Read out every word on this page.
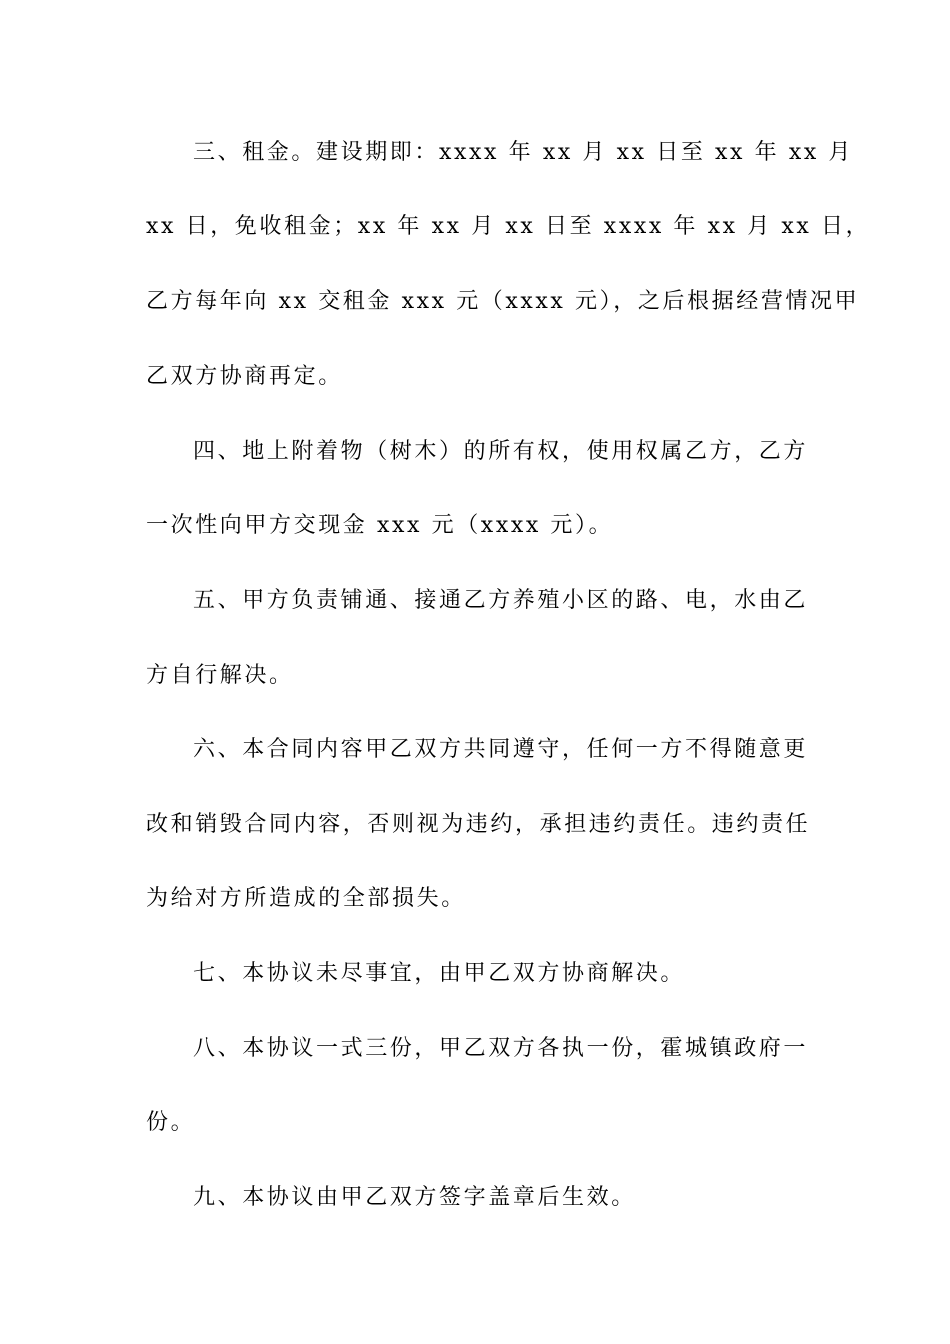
三、租金。建设期即：xxxx 年 xx 月 xx 日至 xx 年 xx 月
xx 日，免收租金；xx 年 xx 月 xx 日至 xxxx 年 xx 月 xx 日，
乙方每年向 xx 交租金 xxx 元（xxxx 元），之后根据经营情况甲
乙双方协商再定。
四、地上附着物（树木）的所有权，使用权属乙方，乙方
一次性向甲方交现金 xxx 元（xxxx 元）。
五、甲方负责铺通、接通乙方养殖小区的路、电，水由乙
方自行解决。
六、本合同内容甲乙双方共同遵守，任何一方不得随意更
改和销毁合同内容，否则视为违约，承担违约责任。违约责任
为给对方所造成的全部损失。
七、本协议未尽事宜，由甲乙双方协商解决。
八、本协议一式三份，甲乙双方各执一份，霍城镇政府一
份。
九、本协议由甲乙双方签字盖章后生效。
